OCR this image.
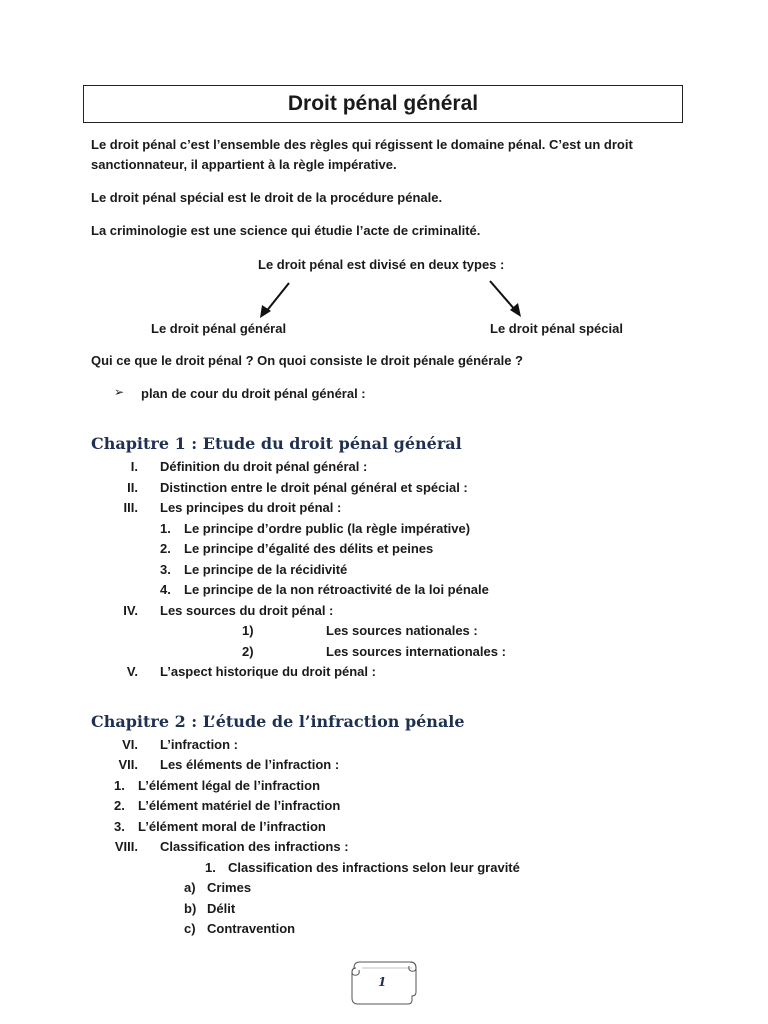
Droit pénal général
Le droit pénal c’est l’ensemble des règles qui régissent le domaine pénal. C’est un droit
sanctionnateur, il appartient à la règle impérative.
Le droit pénal spécial est le droit de la procédure pénale.
La criminologie est une science qui étudie l’acte de criminalité.
Le droit pénal est divisé en deux types :
Le droit pénal général	Le droit pénal spécial
Qui ce que le droit pénal ? On quoi consiste le droit pénale générale ?
➢ plan de cour du droit pénal général :
Chapitre 1 : Etude du droit pénal général
I. Définition du droit pénal général :
II. Distinction entre le droit pénal général et spécial :
III. Les principes du droit pénal :
1. Le principe d’ordre public (la règle impérative)
2. Le principe d’égalité des délits et peines
3. Le principe de la récidivité
4. Le principe de la non rétroactivité de la loi pénale
IV. Les sources du droit pénal :
1)	Les sources nationales :
2)	Les sources internationales :
V. L’aspect historique du droit pénal :
Chapitre 2 : L’étude de l’infraction pénale
VI. L’infraction :
VII. Les éléments de l’infraction :
1. L’élément légal de l’infraction
2. L’élément matériel de l’infraction
3. L’élément moral de l’infraction
VIII. Classification des infractions :
1. Classification des infractions selon leur gravité
a) Crimes
b) Délit
c) Contravention
1
